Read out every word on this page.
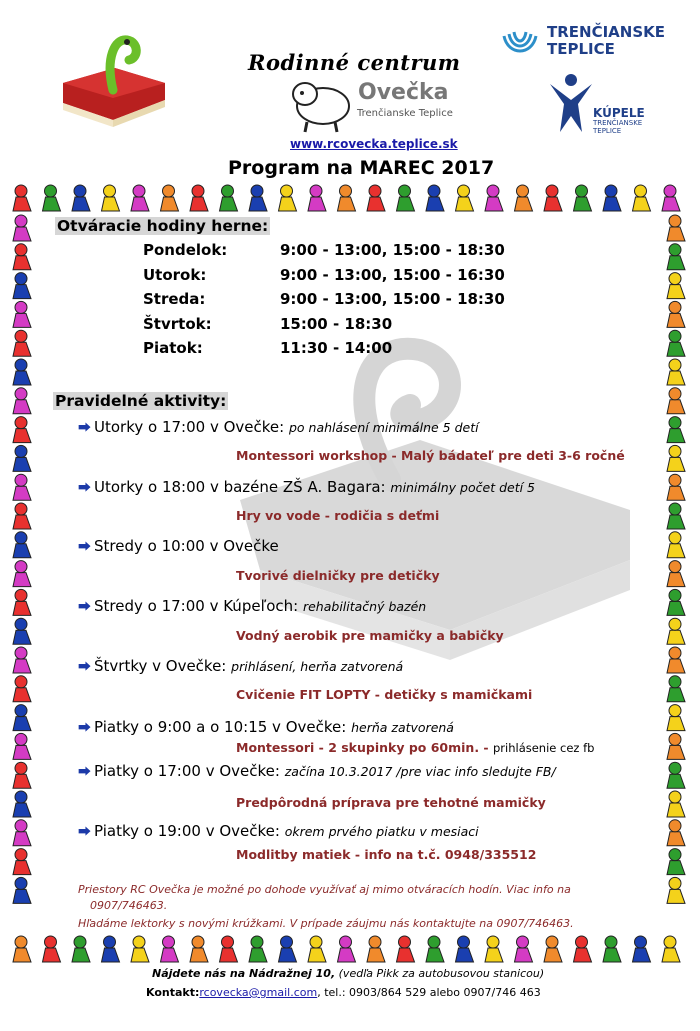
Rodinné centrum
Ovečka
Trenčianske Teplice
www.rcovecka.teplice.sk
TRENČIANSKE
TEPLICE
KÚPELE
TRENČIANSKE
TEPLICE
Program na MAREC 2017
Otváracie hodiny herne:
Pondelok:	9:00 - 13:00, 15:00 - 18:30
Utorok:	9:00 - 13:00, 15:00 - 16:30
Streda:	9:00 - 13:00, 15:00 - 18:30
Štvrtok:	15:00 - 18:30
Piatok:	11:30 - 14:00
Pravidelné aktivity:
⮕ Utorky o 17:00 v Ovečke: po nahlásení minimálne 5 detí
Montessori workshop - Malý bádateľ pre deti 3-6 ročné
⮕ Utorky o 18:00 v bazéne ZŠ A. Bagara: minimálny počet detí 5
Hry vo vode - rodičia s deťmi
⮕ Stredy o 10:00 v Ovečke
Tvorivé dielničky pre detičky
⮕ Stredy o 17:00 v Kúpeľoch: rehabilitačný bazén
Vodný aerobik pre mamičky a babičky
⮕ Štvrtky v Ovečke: prihlásení, herňa zatvorená
Cvičenie FIT LOPTY - detičky s mamičkami
⮕ Piatky o 9:00 a o 10:15 v Ovečke: herňa zatvorená
Montessori - 2 skupinky po 60min. - prihlásenie cez fb
⮕ Piatky o 17:00 v Ovečke: začína 10.3.2017 /pre viac info sledujte FB/
Predpôrodná príprava pre tehotné mamičky
⮕ Piatky o 19:00 v Ovečke: okrem prvého piatku v mesiaci
Modlitby matiek - info na t.č. 0948/335512
Priestory RC Ovečka je možné po dohode využívať aj mimo otváracích hodín. Viac info na
0907/746463.
Hľadáme lektorky s novými krúžkami. V prípade záujmu nás kontaktujte na 0907/746463.
Nájdete nás na Nádražnej 10, (vedľa Pikk za autobusovou stanicou)
Kontakt:rcovecka@gmail.com, tel.: 0903/864 529 alebo 0907/746 463
